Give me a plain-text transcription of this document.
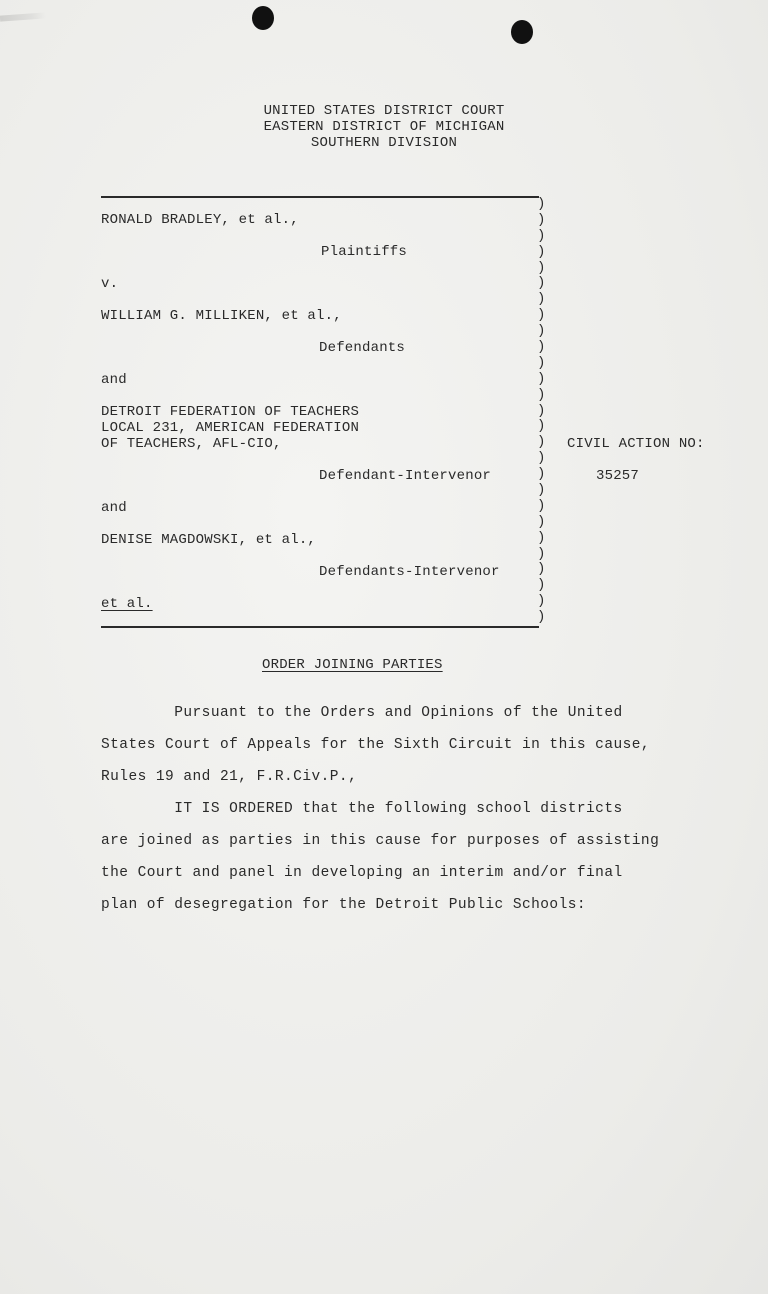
UNITED STATES DISTRICT COURT
EASTERN DISTRICT OF MICHIGAN
SOUTHERN DIVISION
)
)
)
)
)
)
)
)
)
)
)
)
)
)
)
)
)
)
)
)
)
)
)
)
)
)
)
RONALD BRADLEY, et al.,
Plaintiffs
v.
WILLIAM G. MILLIKEN, et al.,
Defendants
and
DETROIT FEDERATION OF TEACHERS
LOCAL 231, AMERICAN FEDERATION
OF TEACHERS, AFL-CIO,
Defendant-Intervenor
and
DENISE MAGDOWSKI, et al.,
Defendants-Intervenor
et al.
CIVIL ACTION NO:
35257
ORDER JOINING PARTIES
Pursuant to the Orders and Opinions of the United
States Court of Appeals for the Sixth Circuit in this cause,
Rules 19 and 21, F.R.Civ.P.,
IT IS ORDERED that the following school districts
are joined as parties in this cause for purposes of assisting
the Court and panel in developing an interim and/or final
plan of desegregation for the Detroit Public Schools:
